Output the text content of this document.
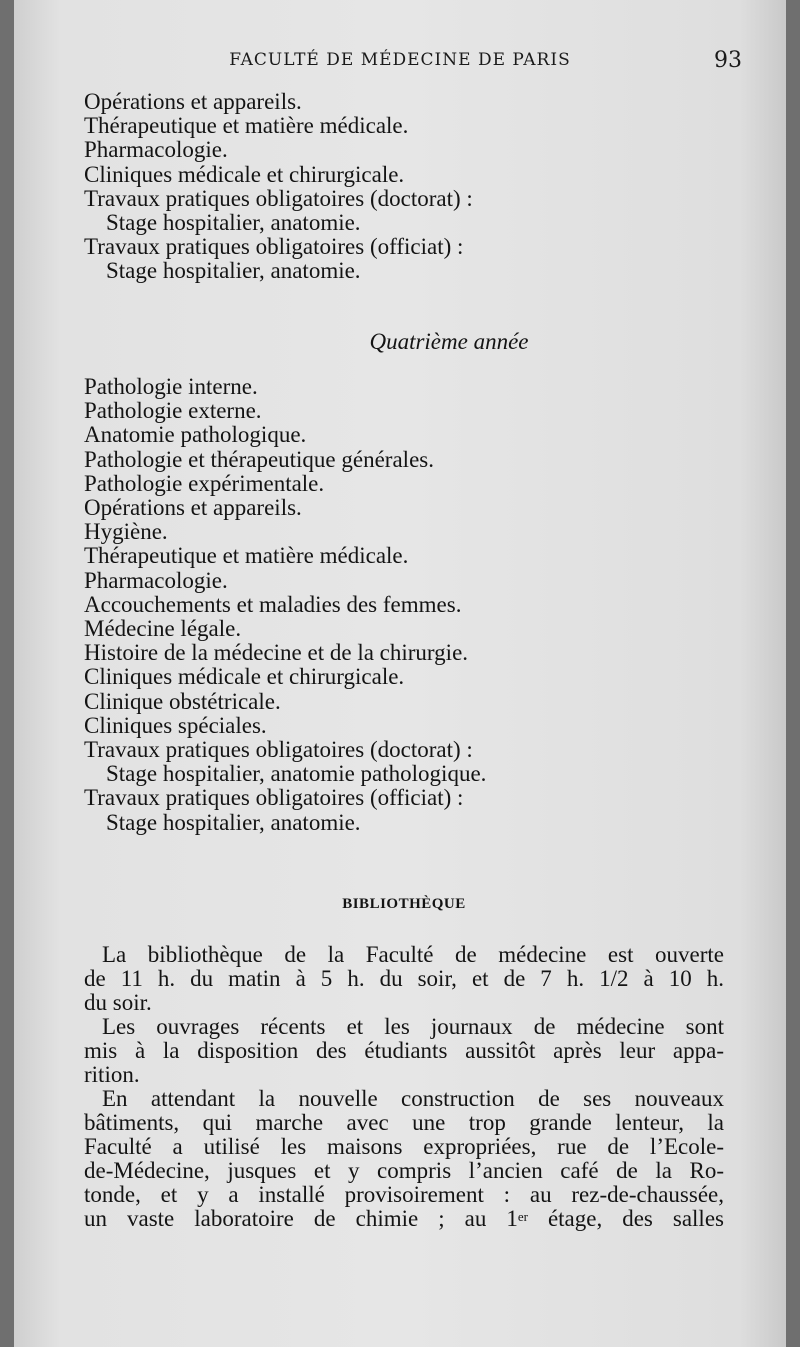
FACULTÉ DE MÉDECINE DE PARIS	93
Opérations et appareils.
Thérapeutique et matière médicale.
Pharmacologie.
Cliniques médicale et chirurgicale.
Travaux pratiques obligatoires (doctorat) :
Stage hospitalier, anatomie.
Travaux pratiques obligatoires (officiat) :
Stage hospitalier, anatomie.
Quatrième année
Pathologie interne.
Pathologie externe.
Anatomie pathologique.
Pathologie et thérapeutique générales.
Pathologie expérimentale.
Opérations et appareils.
Hygiène.
Thérapeutique et matière médicale.
Pharmacologie.
Accouchements et maladies des femmes.
Médecine légale.
Histoire de la médecine et de la chirurgie.
Cliniques médicale et chirurgicale.
Clinique obstétricale.
Cliniques spéciales.
Travaux pratiques obligatoires (doctorat) :
Stage hospitalier, anatomie pathologique.
Travaux pratiques obligatoires (officiat) :
Stage hospitalier, anatomie.
BIBLIOTHÈQUE
La bibliothèque de la Faculté de médecine est ouverte
de 11 h. du matin à 5 h. du soir, et de 7 h. 1/2 à 10 h.
du soir.
Les ouvrages récents et les journaux de médecine sont
mis à la disposition des étudiants aussitôt après leur appa-
rition.
En attendant la nouvelle construction de ses nouveaux
bâtiments, qui marche avec une trop grande lenteur, la
Faculté a utilisé les maisons expropriées, rue de l’Ecole-
de-Médecine, jusques et y compris l’ancien café de la Ro-
tonde, et y a installé provisoirement : au rez-de-chaussée,
un vaste laboratoire de chimie ; au 1er étage, des salles
